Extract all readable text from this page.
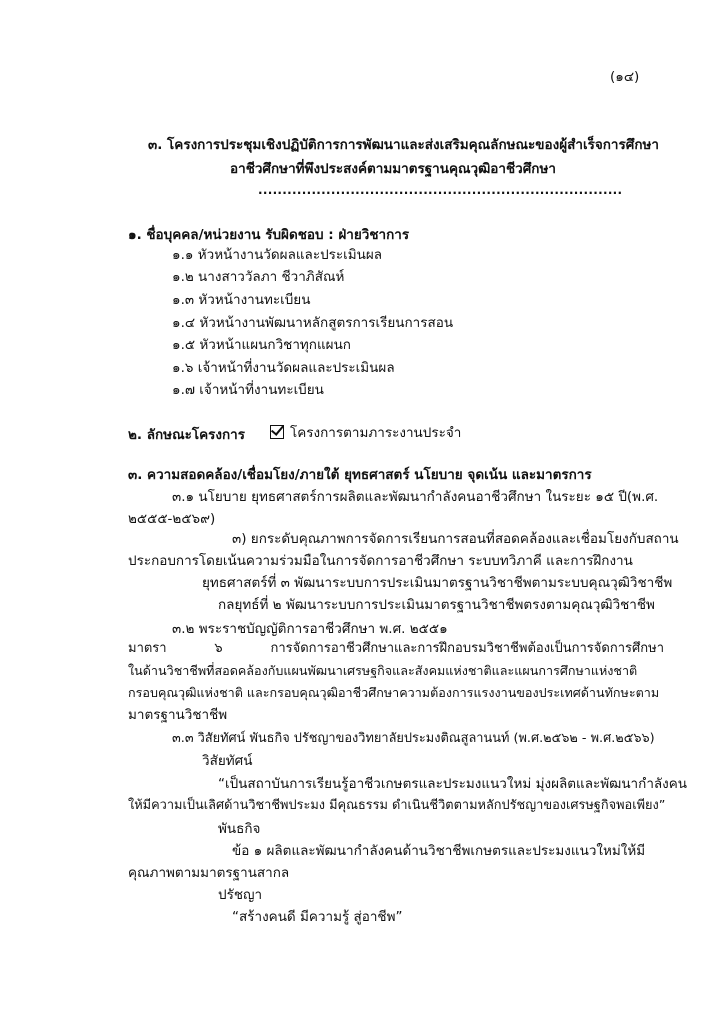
(๑๔)
๓. โครงการประชุมเชิงปฏิบัติการการพัฒนาและส่งเสริมคุณลักษณะของผู้สำเร็จการศึกษา
อาชีวศึกษาที่พึงประสงค์ตามมาตรฐานคุณวุฒิอาชีวศึกษา
...........................................................................
๑. ชื่อบุคคล/หน่วยงาน รับผิดชอบ : ฝ่ายวิชาการ
๑.๑ หัวหน้างานวัดผลและประเมินผล
๑.๒ นางสาววัลภา ชีวาภิสัณห์
๑.๓ หัวหน้างานทะเบียน
๑.๔ หัวหน้างานพัฒนาหลักสูตรการเรียนการสอน
๑.๕ หัวหน้าแผนกวิชาทุกแผนก
๑.๖ เจ้าหน้าที่งานวัดผลและประเมินผล
๑.๗ เจ้าหน้าที่งานทะเบียน
๒. ลักษณะโครงการ	โครงการตามภาระงานประจำ
๓. ความสอดคล้อง/เชื่อมโยง/ภายใต้ ยุทธศาสตร์ นโยบาย จุดเน้น และมาตรการ
๓.๑ นโยบาย ยุทธศาสตร์การผลิตและพัฒนากำลังคนอาชีวศึกษา ในระยะ ๑๕ ปี(พ.ศ.
๒๕๕๕-๒๕๖๙)
๓) ยกระดับคุณภาพการจัดการเรียนการสอนที่สอดคล้องและเชื่อมโยงกับสถาน
ประกอบการโดยเน้นความร่วมมือในการจัดการอาชีวศึกษา ระบบทวิภาคี และการฝึกงาน
ยุทธศาสตร์ที่ ๓ พัฒนาระบบการประเมินมาตรฐานวิชาชีพตามระบบคุณวุฒิวิชาชีพ
กลยุทธ์ที่ ๒ พัฒนาระบบการประเมินมาตรฐานวิชาชีพตรงตามคุณวุฒิวิชาชีพ
๓.๒ พระราชบัญญัติการอาชีวศึกษา พ.ศ. ๒๕๕๑
มาตรา ๖ การจัดการอาชีวศึกษาและการฝึกอบรมวิชาชีพต้องเป็นการจัดการศึกษา
ในด้านวิชาชีพที่สอดคล้องกับแผนพัฒนาเศรษฐกิจและสังคมแห่งชาติและแผนการศึกษาแห่งชาติ
กรอบคุณวุฒิแห่งชาติ และกรอบคุณวุฒิอาชีวศึกษาความต้องการแรงงานของประเทศด้านทักษะตาม
มาตรฐานวิชาชีพ
๓.๓ วิสัยทัศน์ พันธกิจ ปรัชญาของวิทยาลัยประมงติณสูลานนท์ (พ.ศ.๒๕๖๒ - พ.ศ.๒๕๖๖)
วิสัยทัศน์
“เป็นสถาบันการเรียนรู้อาชีวเกษตรและประมงแนวใหม่ มุ่งผลิตและพัฒนากำลังคน
ให้มีความเป็นเลิศด้านวิชาชีพประมง มีคุณธรรม ดำเนินชีวิตตามหลักปรัชญาของเศรษฐกิจพอเพียง”
พันธกิจ
ข้อ ๑ ผลิตและพัฒนากำลังคนด้านวิชาชีพเกษตรและประมงแนวใหม่ให้มี
คุณภาพตามมาตรฐานสากล
ปรัชญา
“สร้างคนดี มีความรู้ สู่อาชีพ”
